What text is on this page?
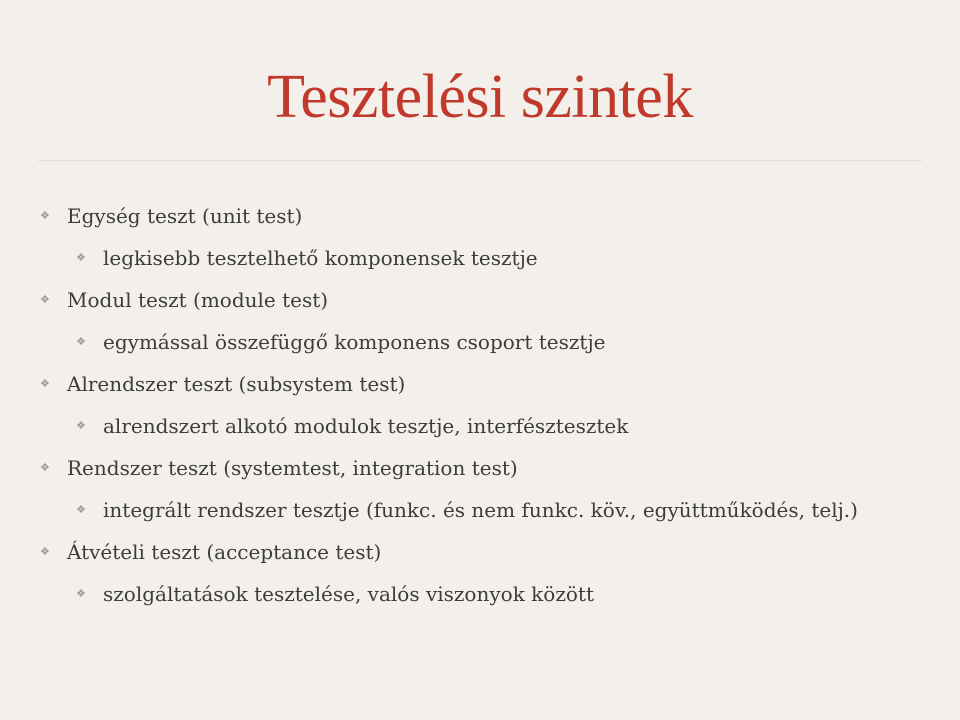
Tesztelési szintek
❖ Egység teszt (unit test)
❖ legkisebb tesztelhető komponensek tesztje
❖ Modul teszt (module test)
❖ egymással összefüggő komponens csoport tesztje
❖ Alrendszer teszt (subsystem test)
❖ alrendszert alkotó modulok tesztje, interfésztesztek
❖ Rendszer teszt (systemtest, integration test)
❖ integrált rendszer tesztje (funkc. és nem funkc. köv., együttműködés, telj.)
❖ Átvételi teszt (acceptance test)
❖ szolgáltatások tesztelése, valós viszonyok között
